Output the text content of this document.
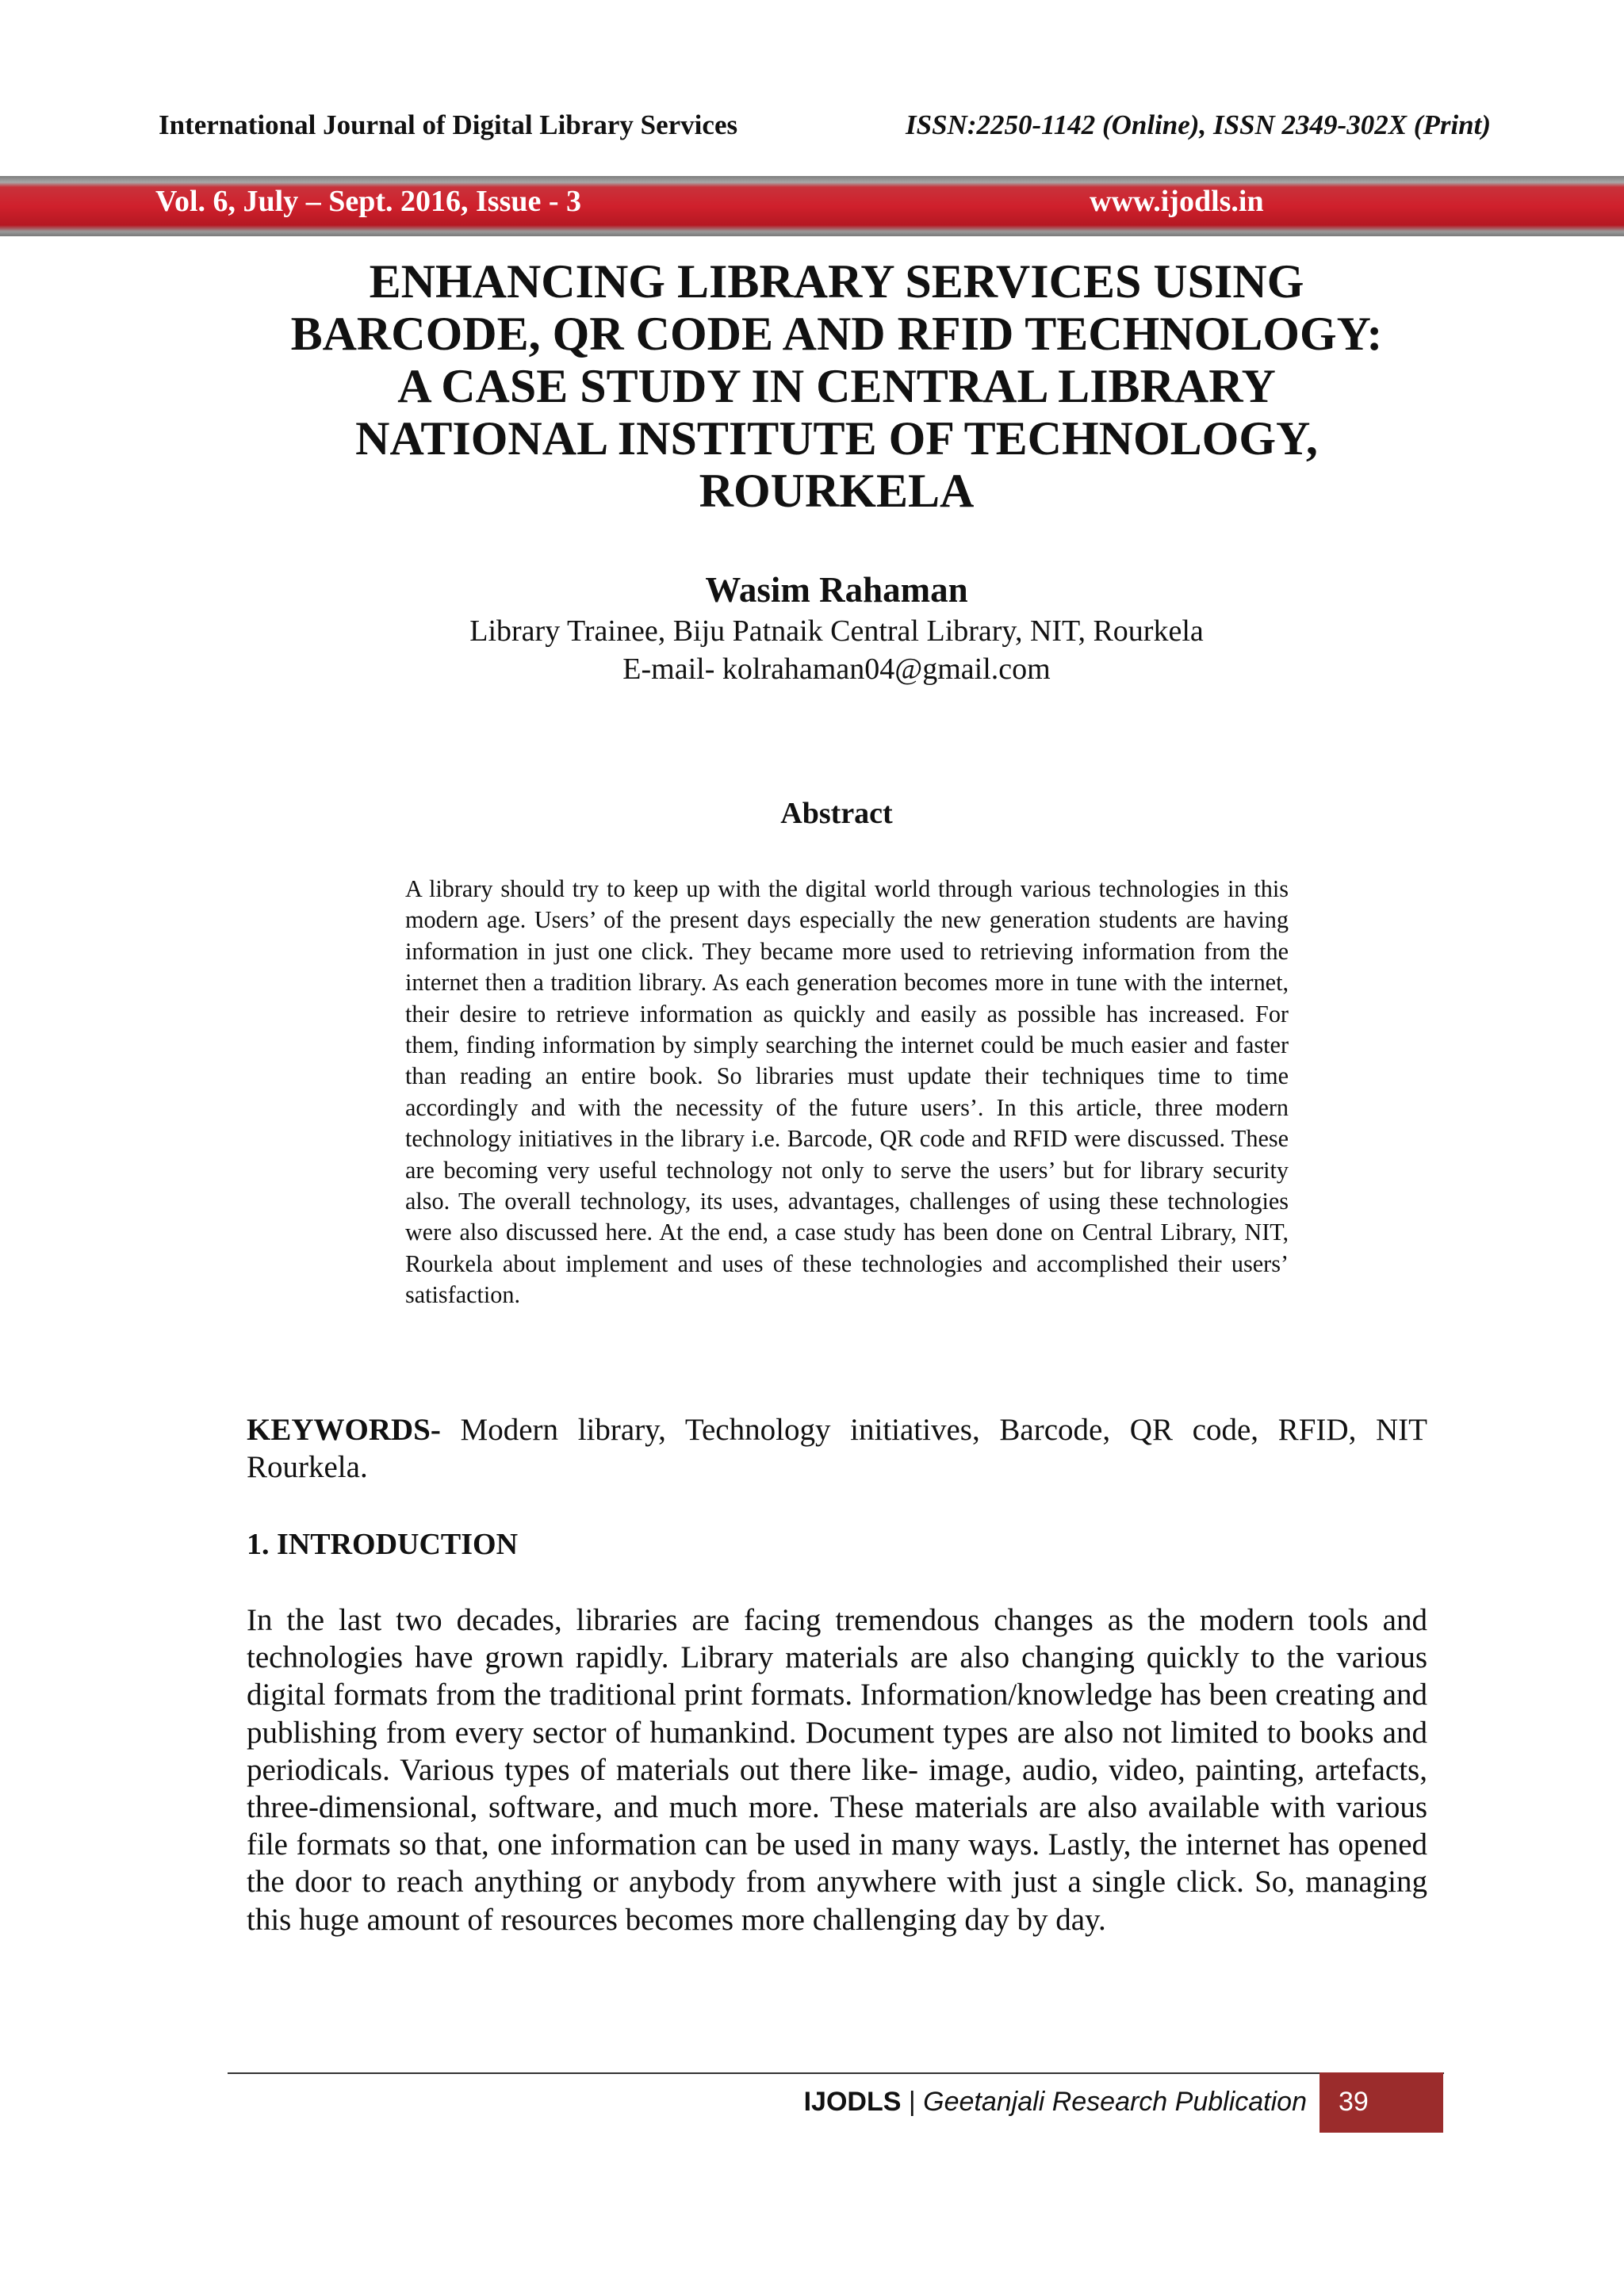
International Journal of Digital Library Services	ISSN:2250-1142 (Online), ISSN 2349-302X (Print)
Vol. 6, July – Sept. 2016, Issue - 3	www.ijodls.in
ENHANCING LIBRARY SERVICES USING
BARCODE, QR CODE AND RFID TECHNOLOGY:
A CASE STUDY IN CENTRAL LIBRARY
NATIONAL INSTITUTE OF TECHNOLOGY,
ROURKELA
Wasim Rahaman
Library Trainee, Biju Patnaik Central Library, NIT, Rourkela
E-mail- kolrahaman04@gmail.com
Abstract
A library should try to keep up with the digital world through various technologies in this modern age. Users’ of the present days especially the new generation students are having information in just one click. They became more used to retrieving information from the internet then a tradition library. As each generation becomes more in tune with the internet, their desire to retrieve information as quickly and easily as possible has increased. For them, finding information by simply searching the internet could be much easier and faster than reading an entire book. So libraries must update their techniques time to time accordingly and with the necessity of the future users’. In this article, three modern technology initiatives in the library i.e. Barcode, QR code and RFID were discussed. These are becoming very useful technology not only to serve the users’ but for library security also. The overall technology, its uses, advantages, challenges of using these technologies were also discussed here. At the end, a case study has been done on Central Library, NIT, Rourkela about implement and uses of these technologies and accomplished their users’ satisfaction.
KEYWORDS- Modern library, Technology initiatives, Barcode, QR code, RFID, NIT Rourkela.
1. INTRODUCTION
In the last two decades, libraries are facing tremendous changes as the modern tools and technologies have grown rapidly. Library materials are also changing quickly to the various digital formats from the traditional print formats. Information/knowledge has been creating and publishing from every sector of humankind. Document types are also not limited to books and periodicals. Various types of materials out there like- image, audio, video, painting, artefacts, three-dimensional, software, and much more. These materials are also available with various file formats so that, one information can be used in many ways. Lastly, the internet has opened the door to reach anything or anybody from anywhere with just a single click. So, managing this huge amount of resources becomes more challenging day by day.
IJODLS | Geetanjali Research Publication 39
